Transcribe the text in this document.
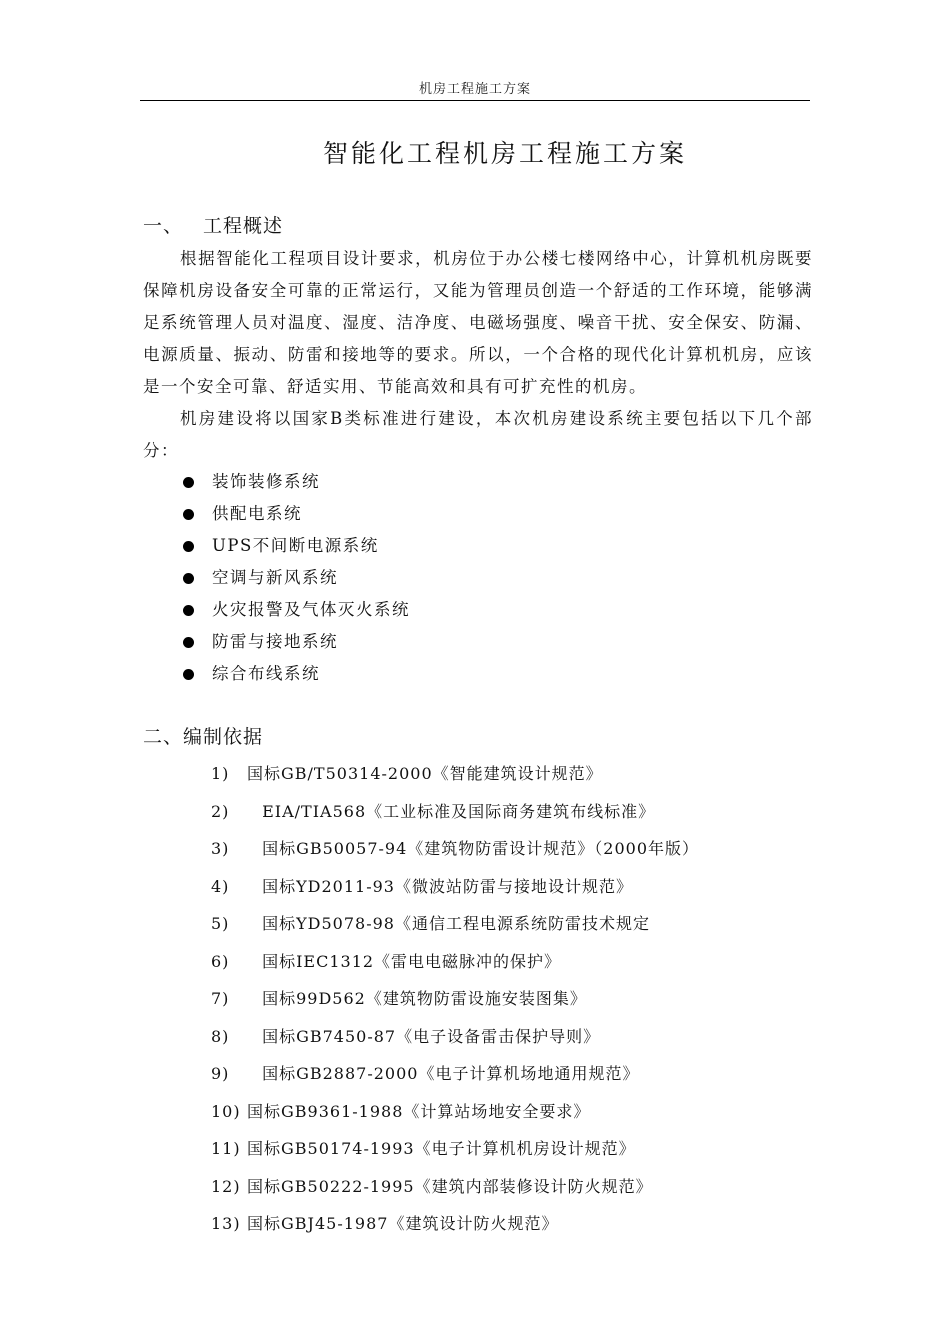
机房工程施工方案
智能化工程机房工程施工方案
一、 工程概述

根据智能化工程项目设计要求，机房位于办公楼七楼网络中心，计算机机房既要保障机房设备安全可靠的正常运行，又能为管理员创造一个舒适的工作环境，能够满足系统管理人员对温度、湿度、洁净度、电磁场强度、噪音干扰、安全保安、防漏、电源质量、振动、防雷和接地等的要求。所以，一个合格的现代化计算机机房，应该是一个安全可靠、舒适实用、节能高效和具有可扩充性的机房。

机房建设将以国家B类标准进行建设，本次机房建设系统主要包括以下几个部分：

装饰装修系统
供配电系统
UPS不间断电源系统
空调与新风系统
火灾报警及气体灭火系统
防雷与接地系统
综合布线系统
二、编制依据
1) 国标GB/T50314-2000《智能建筑设计规范》
2) EIA/TIA568《工业标准及国际商务建筑布线标准》
3) 国标GB50057-94《建筑物防雷设计规范》（2000年版）
4) 国标YD2011-93《微波站防雷与接地设计规范》
5) 国标YD5078-98《通信工程电源系统防雷技术规定
6) 国标IEC1312《雷电电磁脉冲的保护》
7) 国标99D562《建筑物防雷设施安装图集》
8) 国标GB7450-87《电子设备雷击保护导则》
9) 国标GB2887-2000《电子计算机场地通用规范》
10) 国标GB9361-1988《计算站场地安全要求》
11) 国标GB50174-1993《电子计算机机房设计规范》
12) 国标GB50222-1995《建筑内部装修设计防火规范》
13) 国标GBJ45-1987《建筑设计防火规范》
